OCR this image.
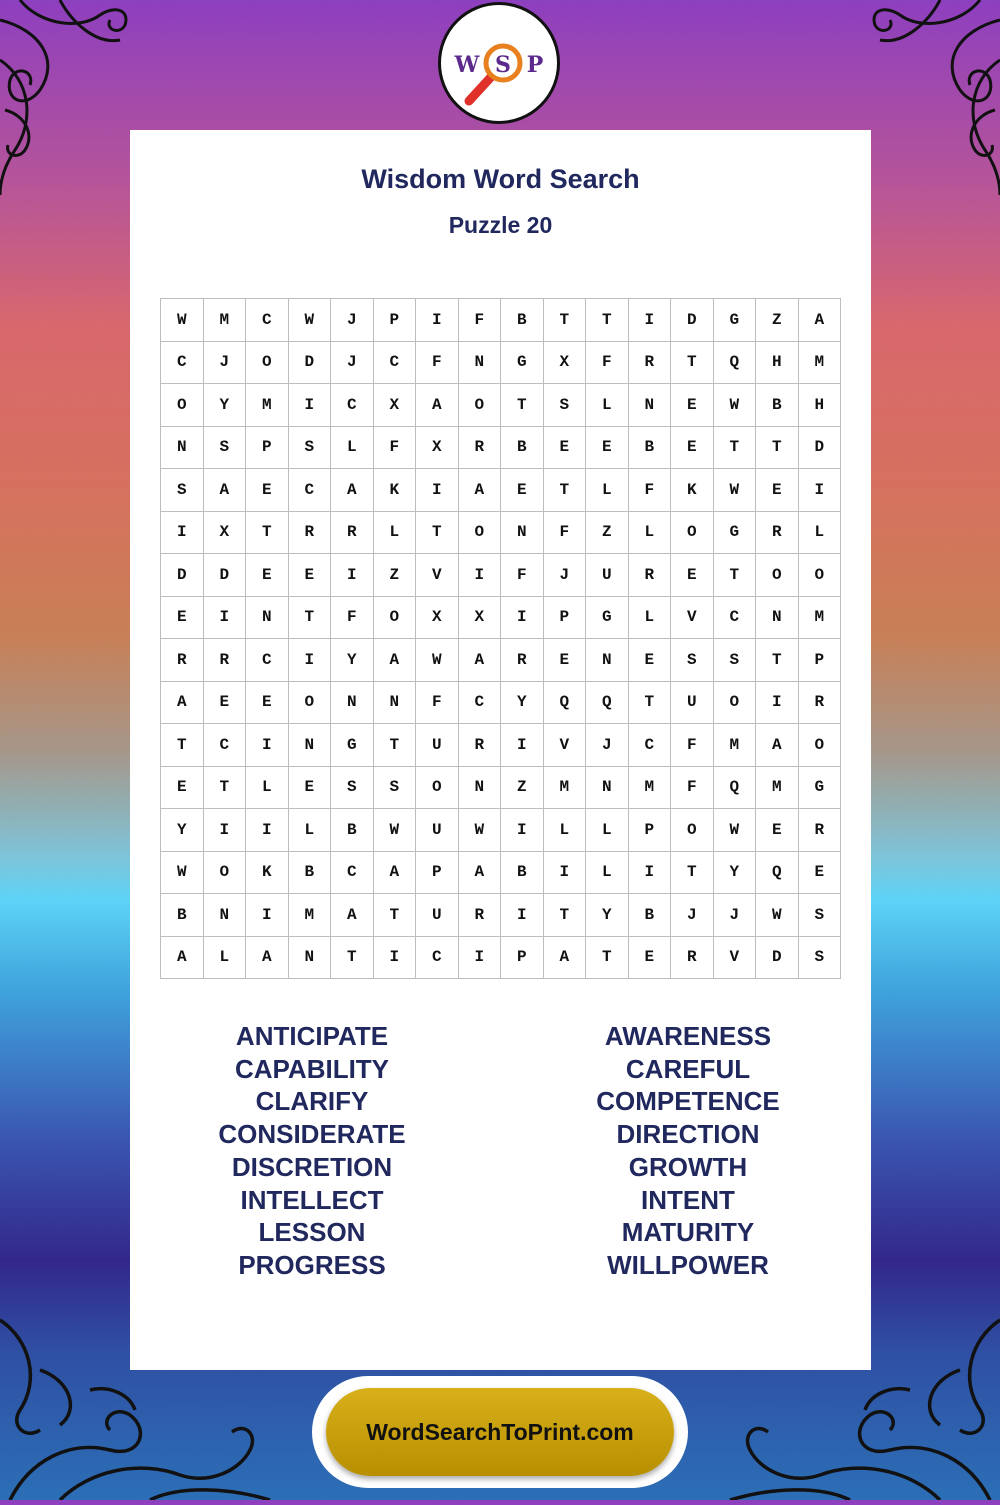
W S P
Wisdom Word Search
Puzzle 20
W	M	C	W	J	P	I	F	B	T	T	I	D	G	Z	A
C	J	O	D	J	C	F	N	G	X	F	R	T	Q	H	M
O	Y	M	I	C	X	A	O	T	S	L	N	E	W	B	H
N	S	P	S	L	F	X	R	B	E	E	B	E	T	T	D
S	A	E	C	A	K	I	A	E	T	L	F	K	W	E	I
I	X	T	R	R	L	T	O	N	F	Z	L	O	G	R	L
D	D	E	E	I	Z	V	I	F	J	U	R	E	T	O	O
E	I	N	T	F	O	X	X	I	P	G	L	V	C	N	M
R	R	C	I	Y	A	W	A	R	E	N	E	S	S	T	P
A	E	E	O	N	N	F	C	Y	Q	Q	T	U	O	I	R
T	C	I	N	G	T	U	R	I	V	J	C	F	M	A	O
E	T	L	E	S	S	O	N	Z	M	N	M	F	Q	M	G
Y	I	I	L	B	W	U	W	I	L	L	P	O	W	E	R
W	O	K	B	C	A	P	A	B	I	L	I	T	Y	Q	E
B	N	I	M	A	T	U	R	I	T	Y	B	J	J	W	S
A	L	A	N	T	I	C	I	P	A	T	E	R	V	D	S
ANTICIPATE
CAPABILITY
CLARIFY
CONSIDERATE
DISCRETION
INTELLECT
LESSON
PROGRESS
AWARENESS
CAREFUL
COMPETENCE
DIRECTION
GROWTH
INTENT
MATURITY
WILLPOWER
WordSearchToPrint.com
